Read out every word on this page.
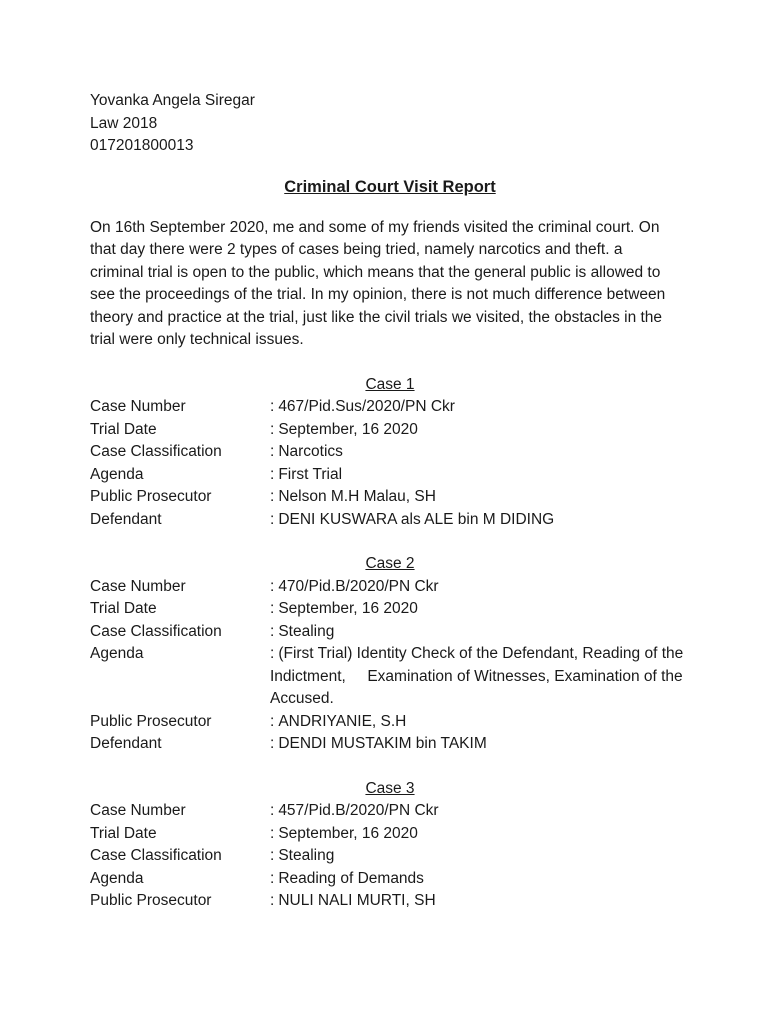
Yovanka Angela Siregar
Law 2018
017201800013
Criminal Court Visit Report
On 16th September 2020, me and some of my friends visited the criminal court. On that day there were 2 types of cases being tried, namely narcotics and theft. a criminal trial is open to the public, which means that the general public is allowed to see the proceedings of the trial. In my opinion, there is not much difference between theory and practice at the trial, just like the civil trials we visited, the obstacles in the trial were only technical issues.
Case 1
Case Number	: 467/Pid.Sus/2020/PN Ckr
Trial Date	: September, 16 2020
Case Classification	: Narcotics
Agenda	: First Trial
Public Prosecutor	: Nelson M.H Malau, SH
Defendant	: DENI KUSWARA als ALE bin M DIDING
Case 2
Case Number	: 470/Pid.B/2020/PN Ckr
Trial Date	: September, 16 2020
Case Classification	: Stealing
Agenda	: (First Trial) Identity Check of the Defendant, Reading of the Indictment,     Examination of Witnesses, Examination of the Accused.
Public Prosecutor	: ANDRIYANIE, S.H
Defendant	: DENDI MUSTAKIM bin TAKIM
Case 3
Case Number	: 457/Pid.B/2020/PN Ckr
Trial Date	: September, 16 2020
Case Classification	: Stealing
Agenda	: Reading of Demands
Public Prosecutor	: NULI NALI MURTI, SH
